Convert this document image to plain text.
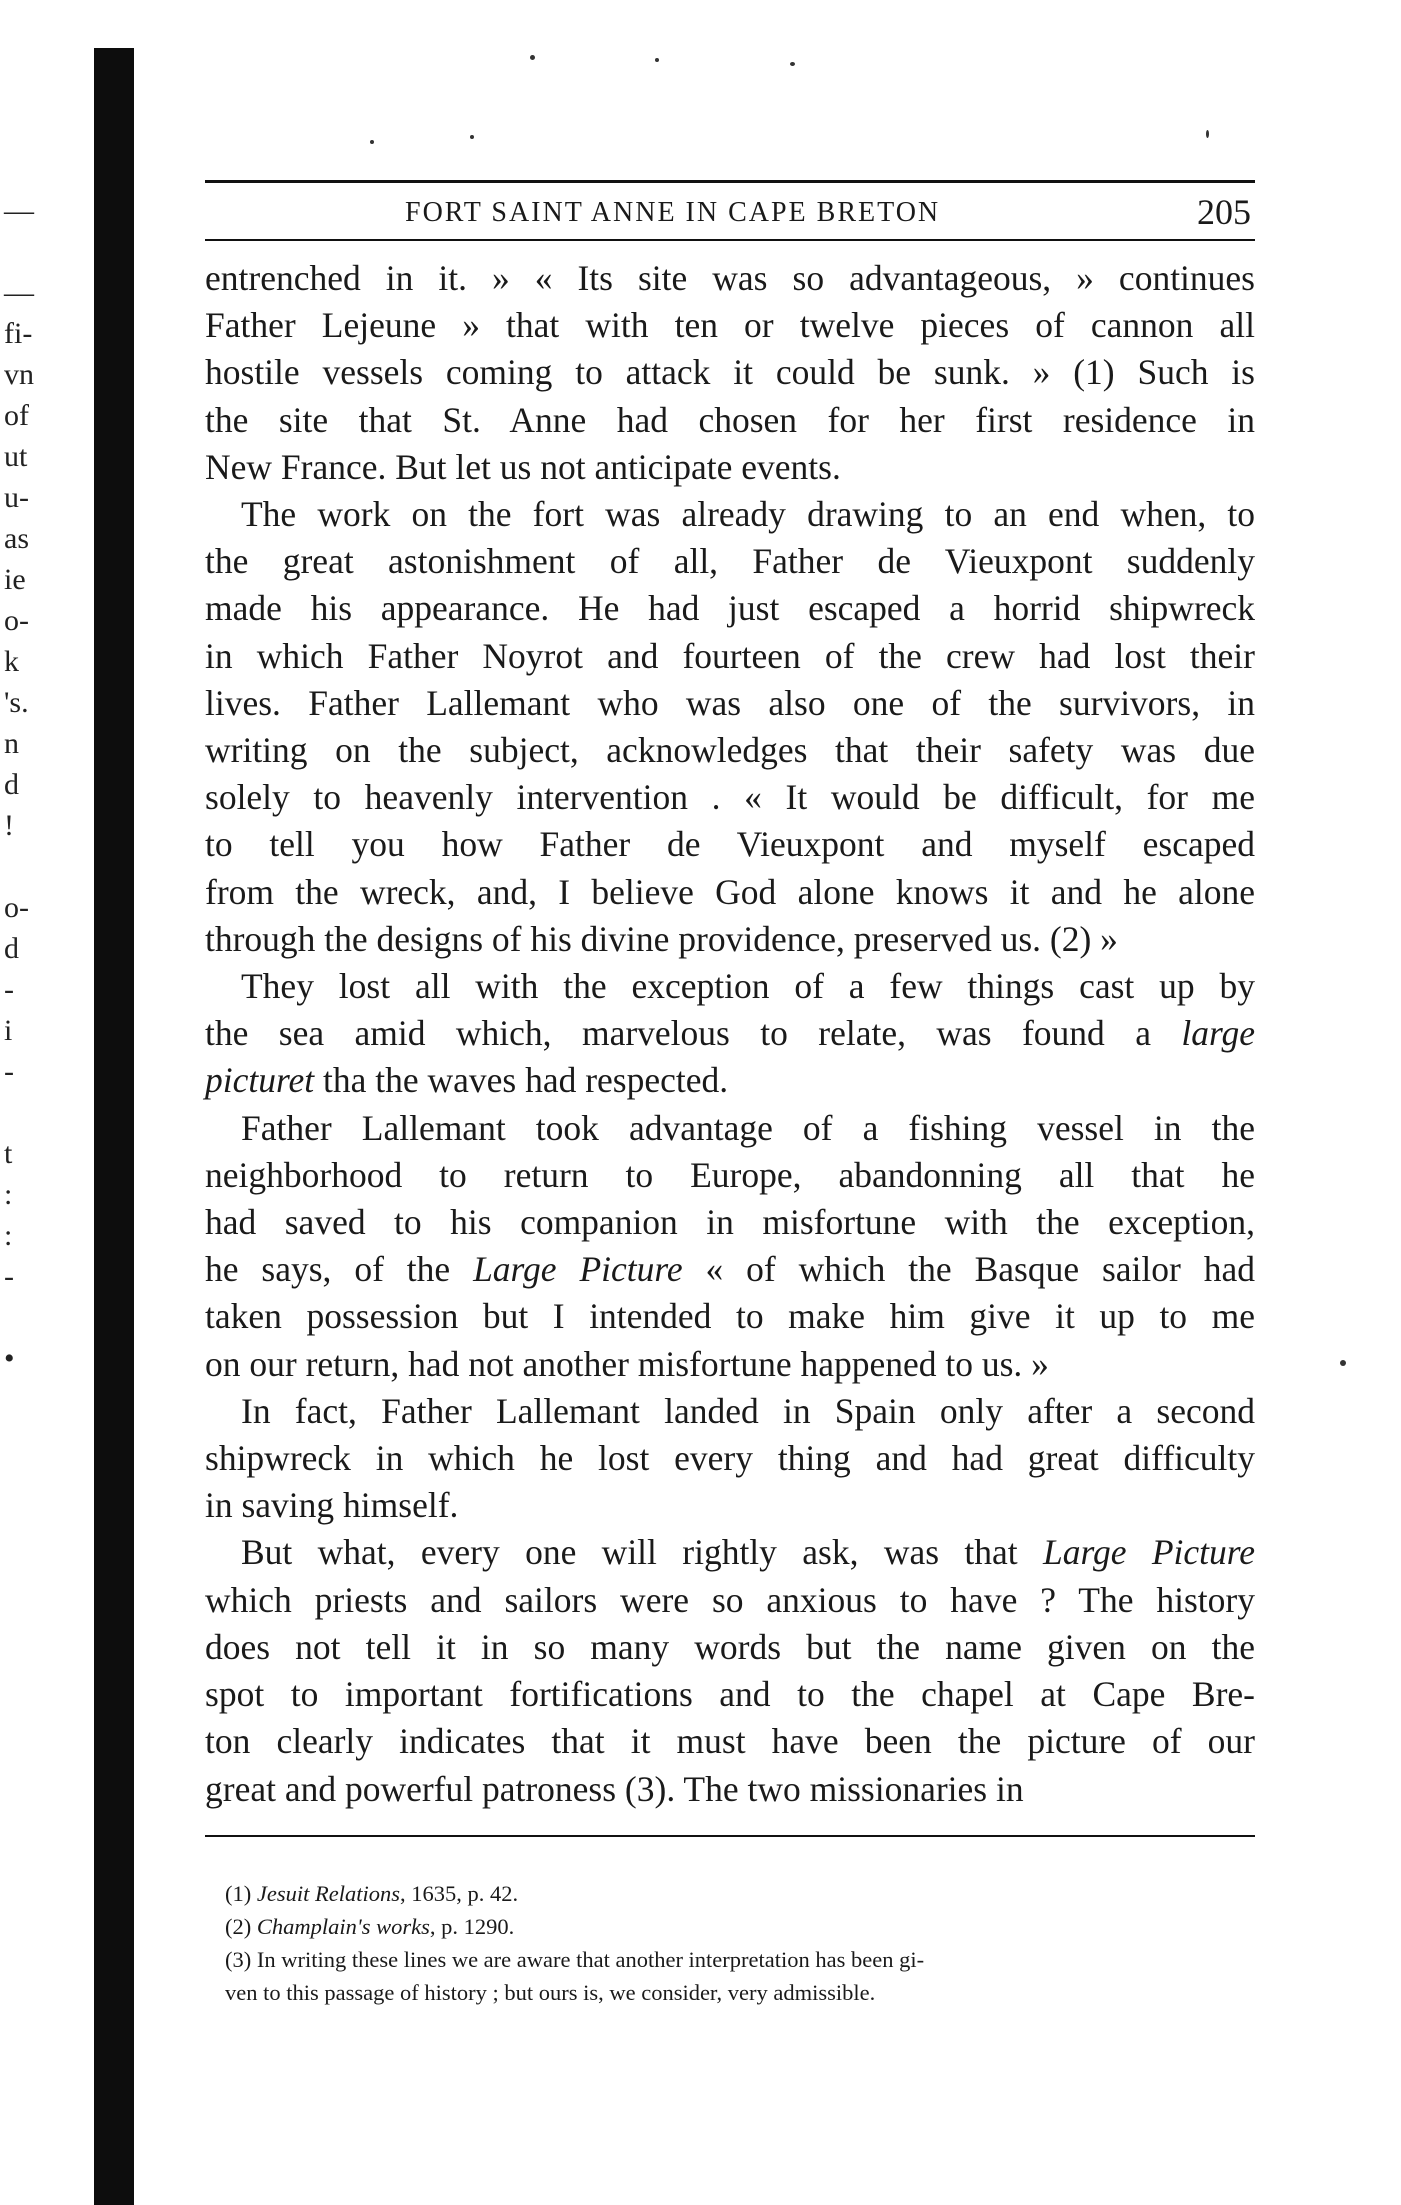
—
—
fi-
vn
of
ut
u-
as
ie
o-
k
's.
n
d
!
o-
d
-
i
-
t
:
:
-
•
FORT SAINT ANNE IN CAPE BRETON	205

entrenched in it. » « Its site was so advantageous, » continues
Father Lejeune » that with ten or twelve pieces of cannon all
hostile vessels coming to attack it could be sunk. » (1) Such is
the site that St. Anne had chosen for her first residence in
New France. But let us not anticipate events.

The work on the fort was already drawing to an end when, to
the great astonishment of all, Father de Vieuxpont suddenly
made his appearance. He had just escaped a horrid shipwreck
in which Father Noyrot and fourteen of the crew had lost their
lives. Father Lallemant who was also one of the survivors, in
writing on the subject, acknowledges that their safety was due
solely to heavenly intervention . « It would be difficult, for me
to tell you how Father de Vieuxpont and myself escaped
from the wreck, and, I believe God alone knows it and he alone
through the designs of his divine providence, preserved us. (2) »

They lost all with the exception of a few things cast up by
the sea amid which, marvelous to relate, was found a large
picturet tha the waves had respected.

Father Lallemant took advantage of a fishing vessel in the
neighborhood to return to Europe, abandonning all that he
had saved to his companion in misfortune with the exception,
he says, of the Large Picture « of which the Basque sailor had
taken possession but I intended to make him give it up to me
on our return, had not another misfortune happened to us. »

In fact, Father Lallemant landed in Spain only after a second
shipwreck in which he lost every thing and had great difficulty
in saving himself.

But what, every one will rightly ask, was that Large Picture
which priests and sailors were so anxious to have ? The history
does not tell it in so many words but the name given on the
spot to important fortifications and to the chapel at Cape Bre-
ton clearly indicates that it must have been the picture of our
great and powerful patroness (3). The two missionaries in

(1) Jesuit Relations, 1635, p. 42.
(2) Champlain's works, p. 1290.
(3) In writing these lines we are aware that another interpretation has been gi-
ven to this passage of history ; but ours is, we consider, very admissible.
